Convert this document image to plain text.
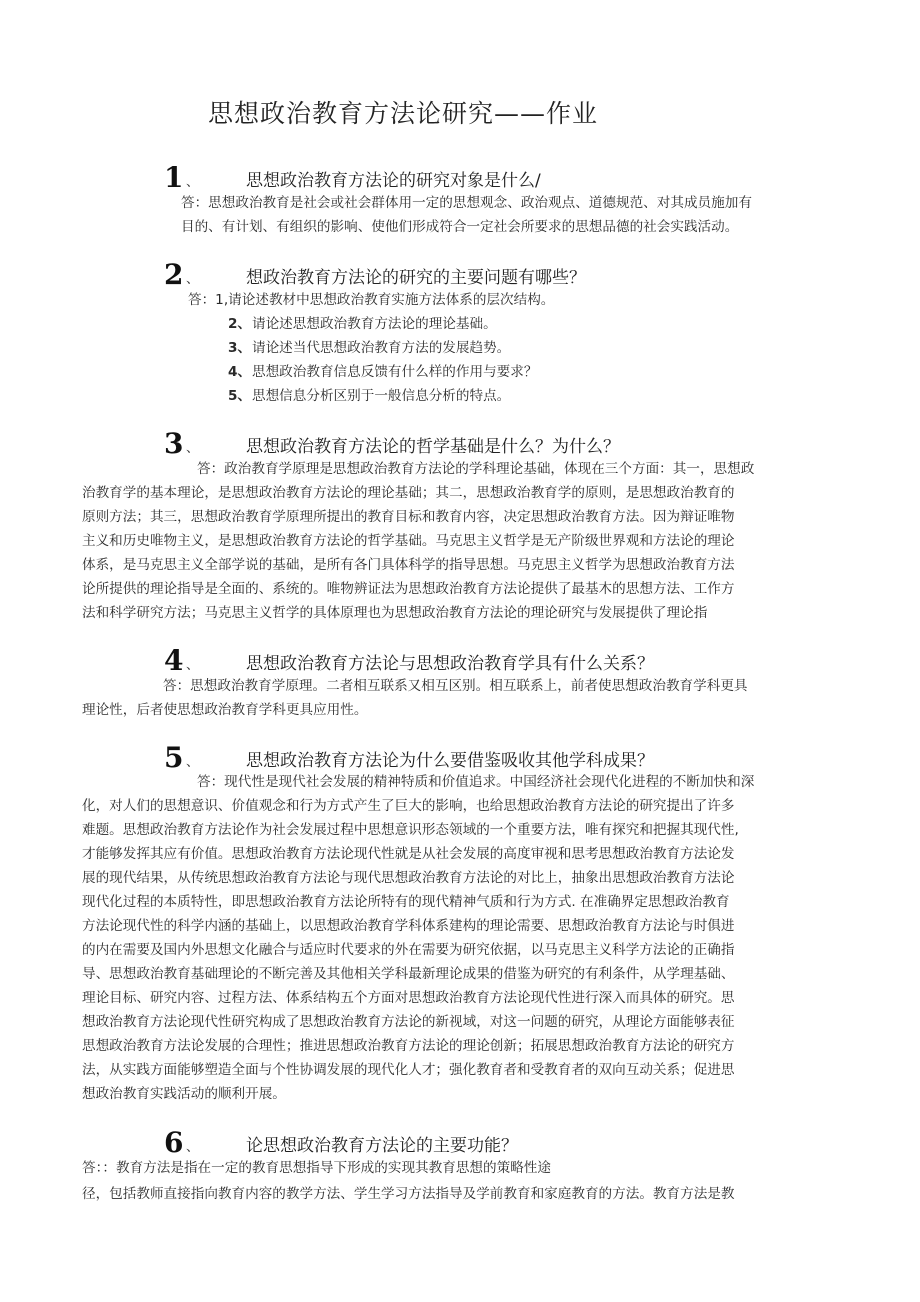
思想政治教育方法论研究——作业
1 、	思想政治教育方法论的研究对象是什么/
答：思想政治教育是社会或社会群体用一定的思想观念、政治观点、道德规范、对其成员施加有
目的、有计划、有组织的影响、使他们形成符合一定社会所要求的思想品德的社会实践活动。
2 、	想政治教育方法论的研究的主要问题有哪些？
答：1,请论述教材中思想政治教育实施方法体系的层次结构。
2、请论述思想政治教育方法论的理论基础。
3、请论述当代思想政治教育方法的发展趋势。
4、思想政治教育信息反馈有什么样的作用与要求？
5、思想信息分析区别于一般信息分析的特点。
3 、	思想政治教育方法论的哲学基础是什么？为什么？
答：政治教育学原理是思想政治教育方法论的学科理论基础，体现在三个方面：其一，思想政
治教育学的基本理论，是思想政治教育方法论的理论基础；其二，思想政治教育学的原则，是思想政治教育的
原则方法；其三，思想政治教育学原理所提出的教育目标和教育内容，决定思想政治教育方法。因为辩证唯物
主义和历史唯物主义，是思想政治教育方法论的哲学基础。马克思主义哲学是无产阶级世界观和方法论的理论
体系，是马克思主义全部学说的基础，是所有各门具体科学的指导思想。马克思主义哲学为思想政治教育方法
论所提供的理论指导是全面的、系统的。唯物辨证法为思想政治教育方法论提供了最基木的思想方法、工作方
法和科学研究方法；马克思主义哲学的具体原理也为思想政治教育方法论的理论研究与发展提供了理论指
4 、	思想政治教育方法论与思想政治教育学具有什么关系？
答：思想政治教育学原理。二者相互联系又相互区别。相互联系上，前者使思想政治教育学科更具
理论性，后者使思想政治教育学科更具应用性。
5 、	思想政治教育方法论为什么要借鉴吸收其他学科成果？
答：现代性是现代社会发展的精神特质和价值追求。中国经济社会现代化进程的不断加快和深
化，对人们的思想意识、价值观念和行为方式产生了巨大的影响，也给思想政治教育方法论的研究提出了许多
难题。思想政治教育方法论作为社会发展过程中思想意识形态领域的一个重要方法，唯有探究和把握其现代性,
才能够发挥其应有价值。思想政治教育方法论现代性就是从社会发展的高度审视和思考思想政治教育方法论发
展的现代结果，从传统思想政治教育方法论与现代思想政治教育方法论的对比上，抽象出思想政治教育方法论
现代化过程的本质特性，即思想政治教育方法论所特有的现代精神气质和行为方式. 在准确界定思想政治教育
方法论现代性的科学内涵的基础上，以思想政治教育学科体系建构的理论需要、思想政治教育方法论与时俱进
的内在需要及国内外思想文化融合与适应时代要求的外在需要为研究依据，以马克思主义科学方法论的正确指
导、思想政治教育基础理论的不断完善及其他相关学科最新理论成果的借鉴为研究的有利条件，从学理基础、
理论目标、研究内容、过程方法、体系结构五个方面对思想政治教育方法论现代性进行深入而具体的研究。思
想政治教育方法论现代性研究构成了思想政治教育方法论的新视域，对这一问题的研究，从理论方面能够表征
思想政治教育方法论发展的合理性；推进思想政治教育方法论的理论创新；拓展思想政治教育方法论的研究方
法，从实践方面能够塑造全面与个性协调发展的现代化人才；强化教育者和受教育者的双向互动关系；促进思
想政治教育实践活动的顺利开展。
6 、	论思想政治教育方法论的主要功能？
答：：教育方法是指在一定的教育思想指导下形成的实现其教育思想的策略性途
径，包括教师直接指向教育内容的教学方法、学生学习方法指导及学前教育和家庭教育的方法。教育方法是教
